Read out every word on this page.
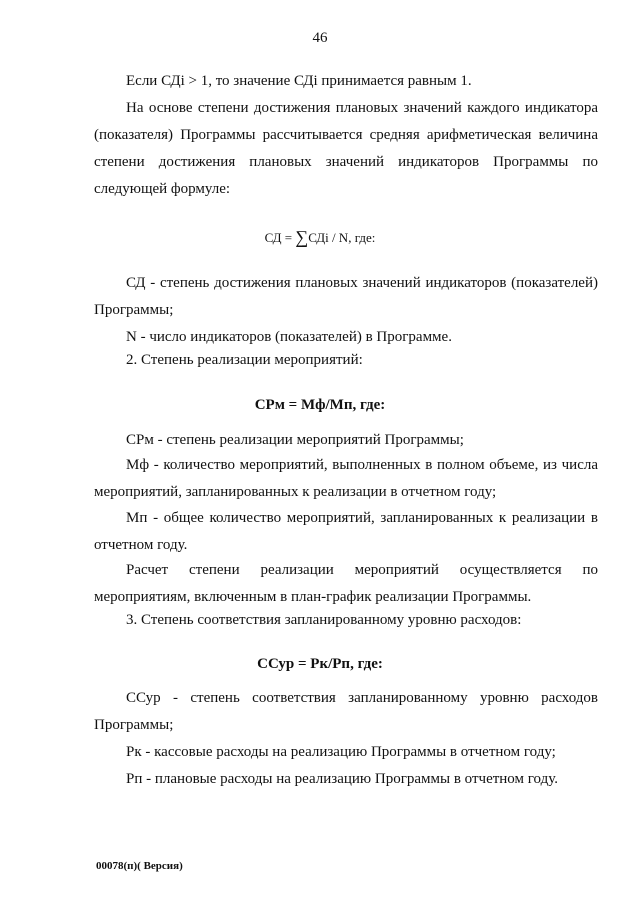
46

Если СДi > 1, то значение СДi принимается равным 1.

На основе степени достижения плановых значений каждого индикатора (показателя) Программы рассчитывается средняя арифметическая величина степени достижения плановых значений индикаторов Программы по следующей формуле:

СД = ∑СДi / N, где:

СД - степень достижения плановых значений индикаторов (показателей) Программы;

N - число индикаторов (показателей) в Программе.

2. Степень реализации мероприятий:

СРм = Мф/Мп, где:

СРм - степень реализации мероприятий Программы;

Мф - количество мероприятий, выполненных в полном объеме, из числа мероприятий, запланированных к реализации в отчетном году;

Мп - общее количество мероприятий, запланированных к реализации в отчетном году.

Расчет степени реализации мероприятий осуществляется по мероприятиям, включенным в план-график реализации Программы.

3. Степень соответствия запланированному уровню расходов:

ССур = Рк/Рп, где:

ССур - степень соответствия запланированному уровню расходов Программы;

Рк - кассовые расходы на реализацию Программы в отчетном году;

Рп - плановые расходы на реализацию Программы в отчетном году.

00078(п)( Версия)
